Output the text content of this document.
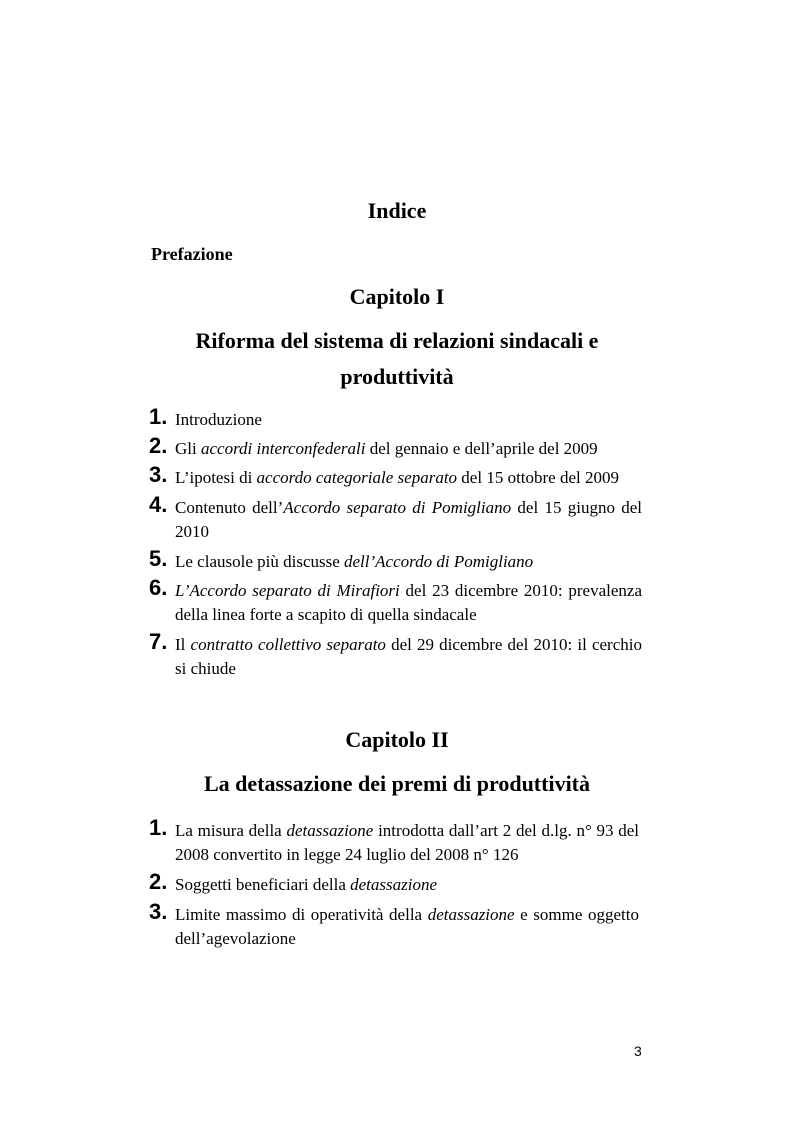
Indice
Prefazione
Capitolo I
Riforma del sistema di relazioni sindacali e
produttività
1. Introduzione
2. Gli accordi interconfederali del gennaio e dell’aprile del 2009
3. L’ipotesi di accordo categoriale separato del 15 ottobre del 2009
4. Contenuto dell’Accordo separato di Pomigliano del 15 giugno del 2010
5. Le clausole più discusse dell’Accordo di Pomigliano
6. L’Accordo separato di Mirafiori del 23 dicembre 2010: prevalenza della linea forte a scapito di quella sindacale
7. Il contratto collettivo separato del 29 dicembre del 2010: il cerchio si chiude
Capitolo II
La detassazione dei premi di produttività
1. La misura della detassazione introdotta dall’art 2 del d.lg. n° 93 del 2008 convertito in legge 24 luglio del 2008 n° 126
2. Soggetti beneficiari della detassazione
3. Limite massimo di operatività della detassazione e somme oggetto dell’agevolazione
3
